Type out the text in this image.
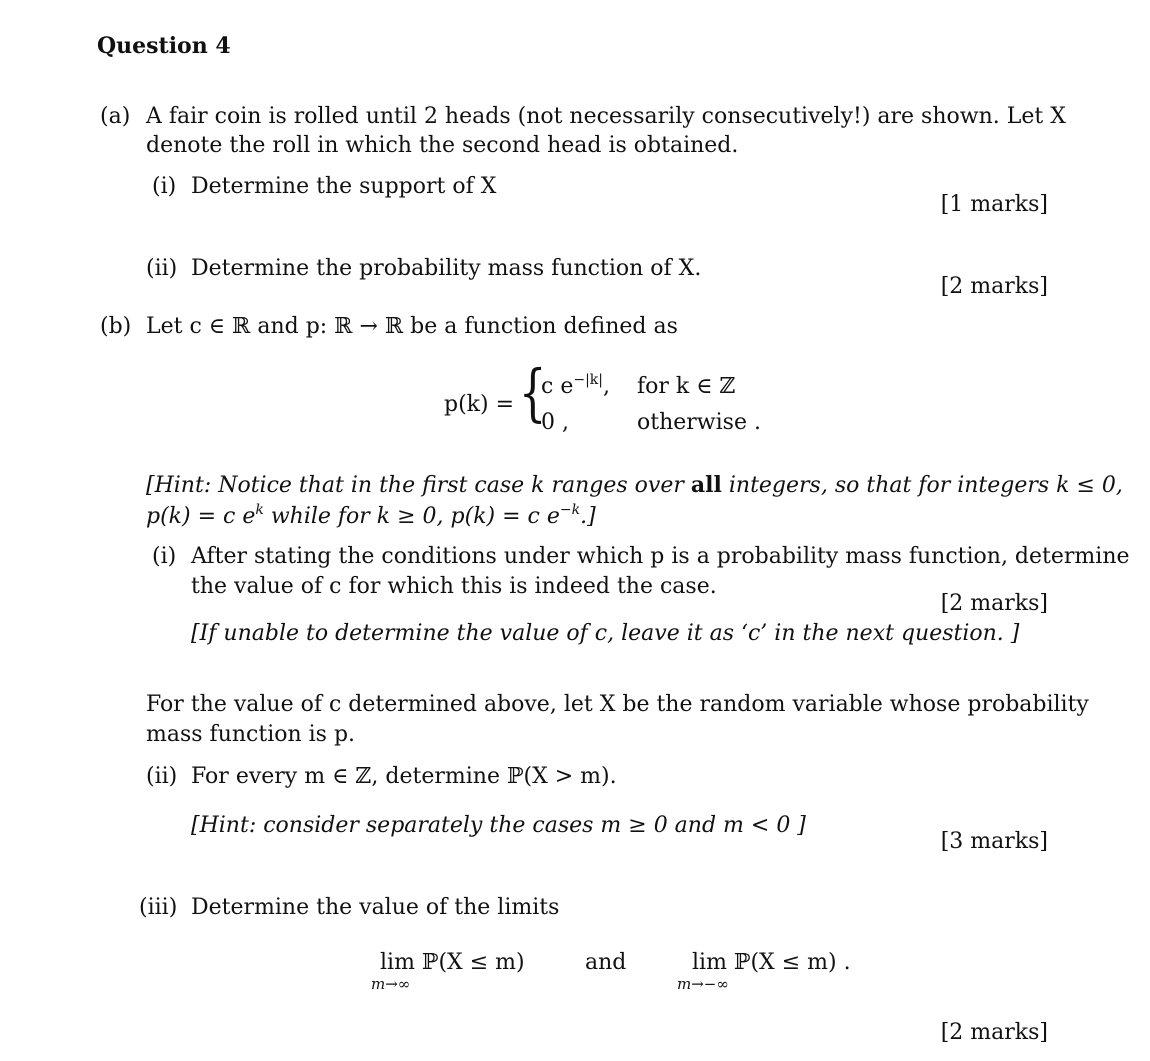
Question 4
(a) A fair coin is rolled until 2 heads (not necessarily consecutively!) are shown. Let X
denote the roll in which the second head is obtained.
(i) Determine the support of X
[1 marks]
(ii) Determine the probability mass function of X.
[2 marks]
(b) Let c ∈ ℝ and p: ℝ → ℝ be a function defined as
p(k) = {
c $e^{-|k|}$, for k ∈ ℤ
0 ,	otherwise .
[Hint: Notice that in the first case k ranges over all integers, so that for integers k ≤ 0,
p(k) = c $e^k$ while for k ≥ 0, p(k) = c $e^{-k}$.]
(i) After stating the conditions under which p is a probability mass function, determine
the value of c for which this is indeed the case.
[2 marks]
[If unable to determine the value of c, leave it as ‘c’ in the next question. ]
For the value of c determined above, let X be the random variable whose probability
mass function is p.
(ii) For every m ∈ ℤ, determine ℙ(X > m).
[Hint: consider separately the cases m ≥ 0 and m < 0 ]
[3 marks]
(iii) Determine the value of the limits
lim ℙ(X ≤ m)
m→∞
and	lim ℙ(X ≤ m) .
m→−∞
[2 marks]
